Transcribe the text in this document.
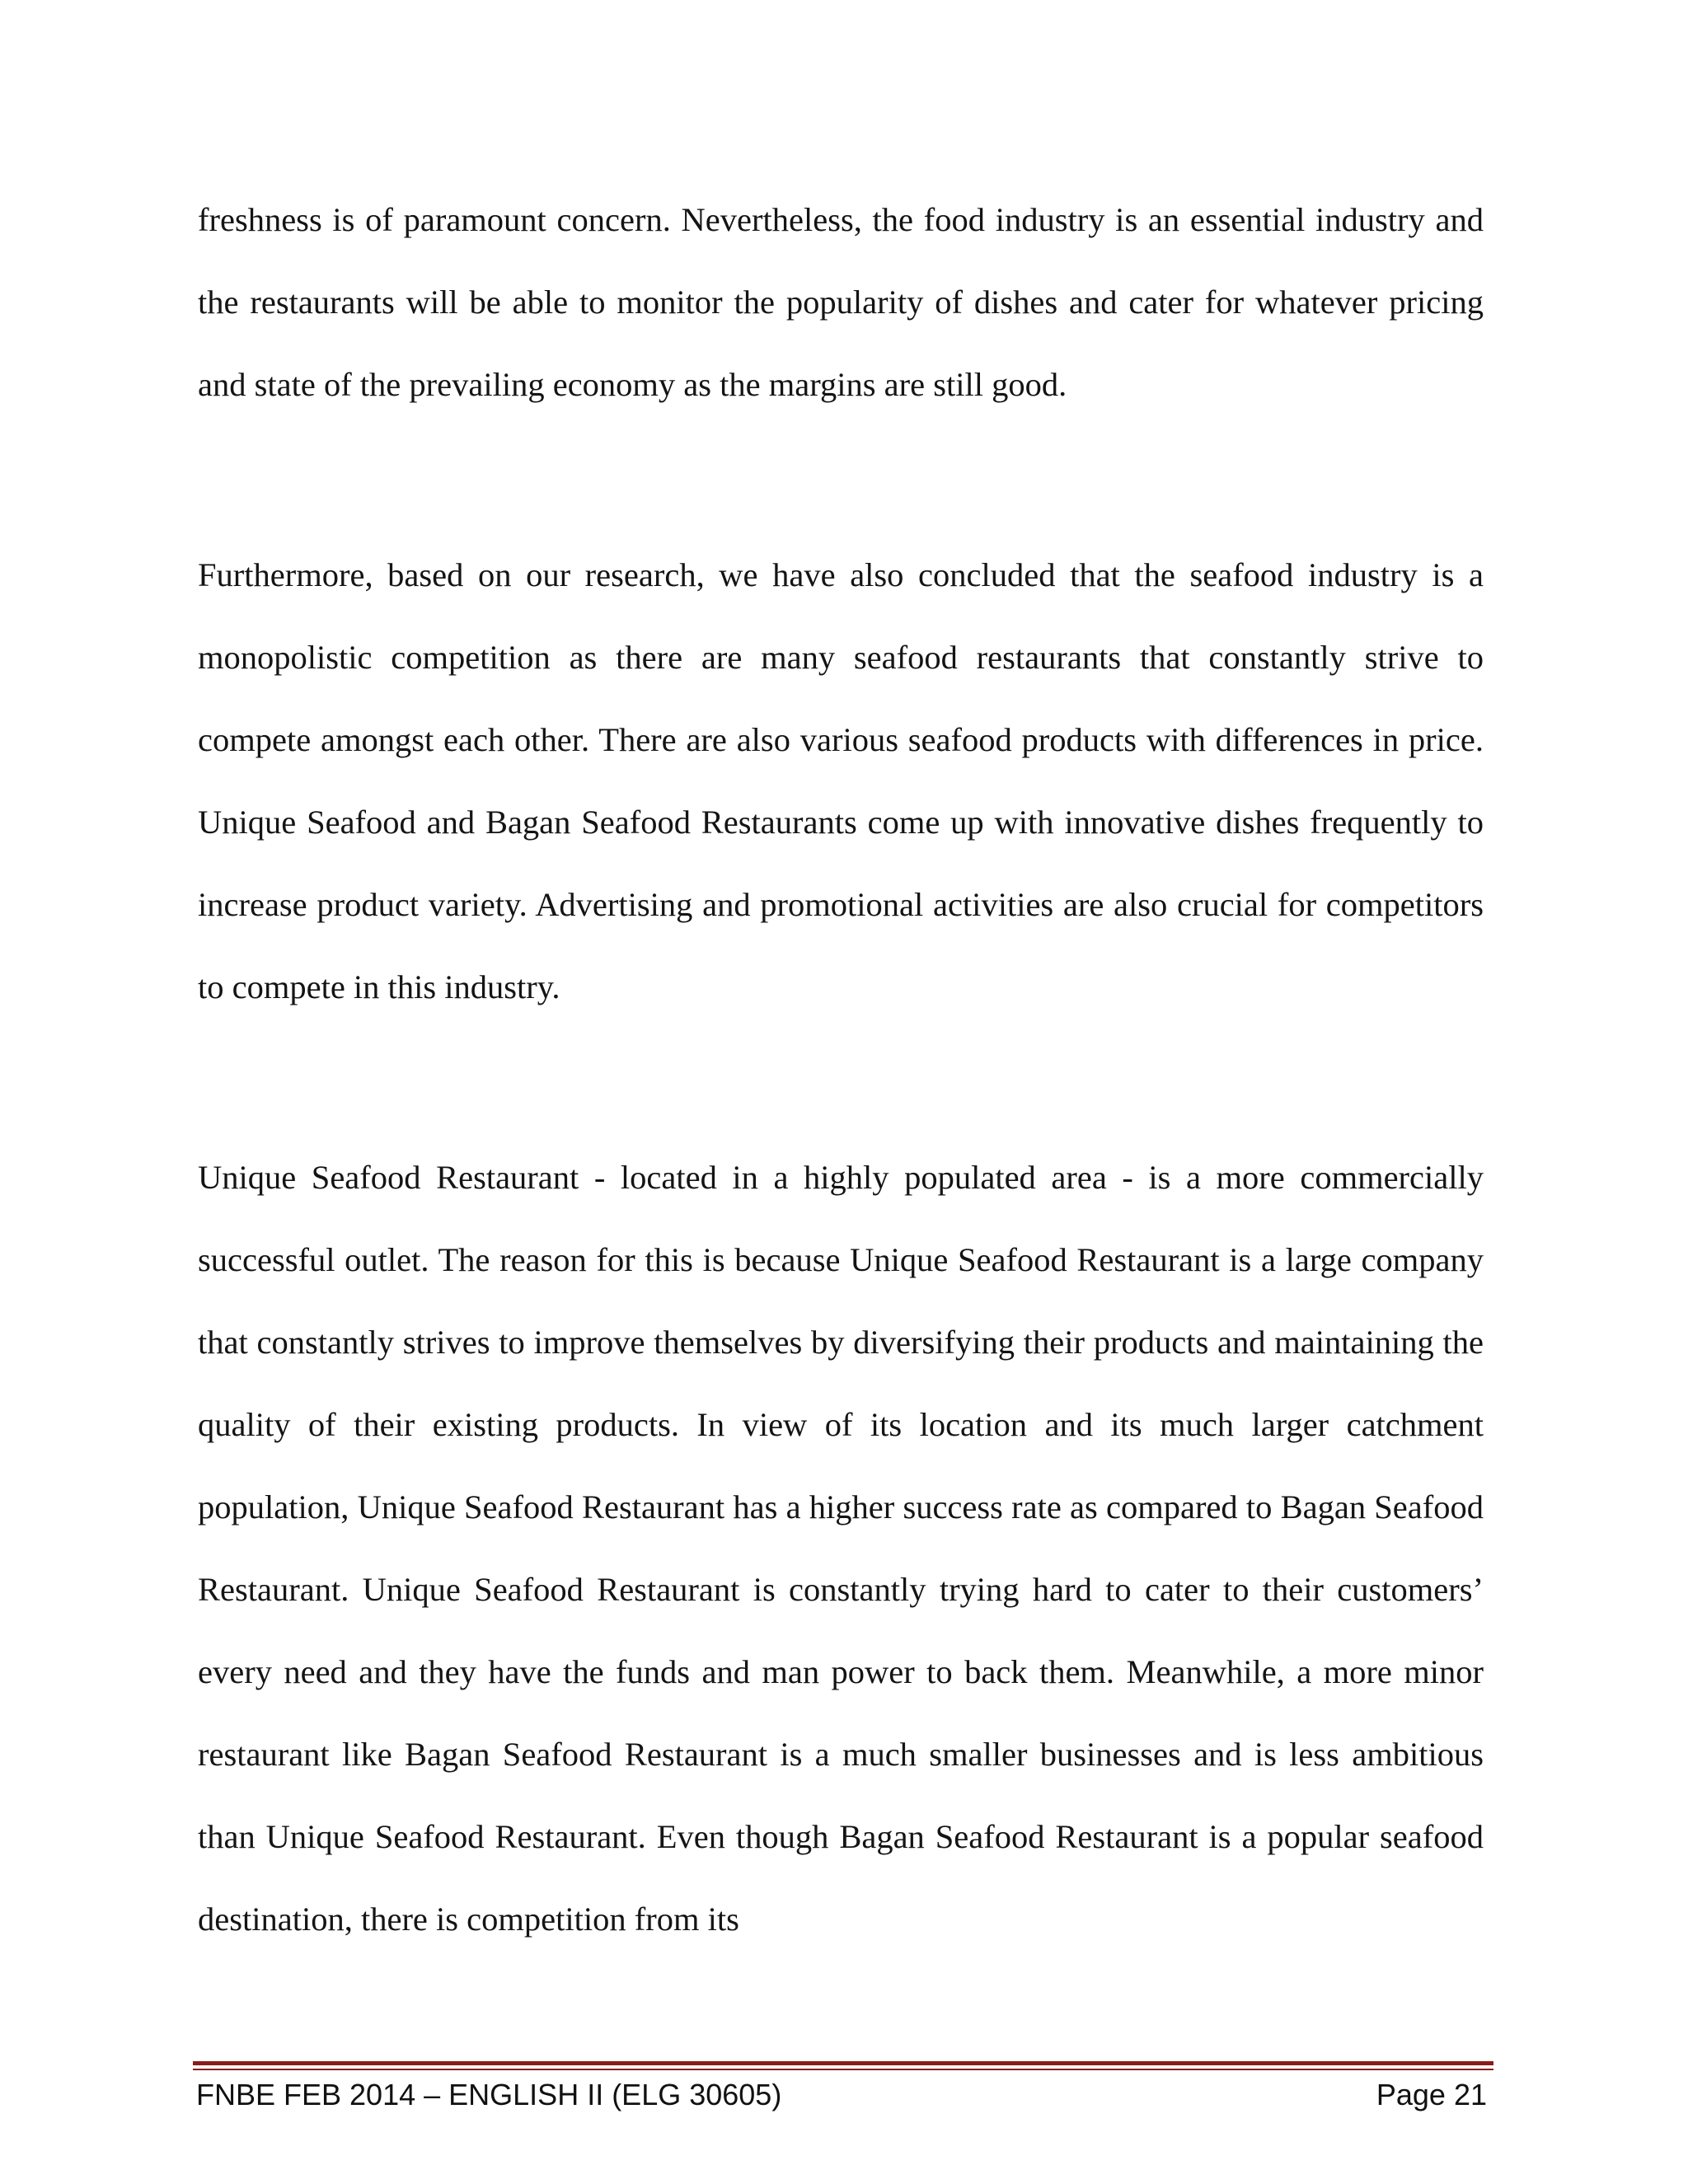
freshness is of paramount concern. Nevertheless, the food industry is an essential industry and the restaurants will be able to monitor the popularity of dishes and cater for whatever pricing and state of the prevailing economy as the margins are still good.

Furthermore, based on our research, we have also concluded that the seafood industry is a monopolistic competition as there are many seafood restaurants that constantly strive to compete amongst each other. There are also various seafood products with differences in price. Unique Seafood and Bagan Seafood Restaurants come up with innovative dishes frequently to increase product variety. Advertising and promotional activities are also crucial for competitors to compete in this industry.

Unique Seafood Restaurant - located in a highly populated area - is a more commercially successful outlet. The reason for this is because Unique Seafood Restaurant is a large company that constantly strives to improve themselves by diversifying their products and maintaining the quality of their existing products. In view of its location and its much larger catchment population, Unique Seafood Restaurant has a higher success rate as compared to Bagan Seafood Restaurant. Unique Seafood Restaurant is constantly trying hard to cater to their customers’ every need and they have the funds and man power to back them. Meanwhile, a more minor restaurant like Bagan Seafood Restaurant is a much smaller businesses and is less ambitious than Unique Seafood Restaurant. Even though Bagan Seafood Restaurant is a popular seafood destination, there is competition from its

FNBE FEB 2014 – ENGLISH II (ELG 30605)	Page 21
